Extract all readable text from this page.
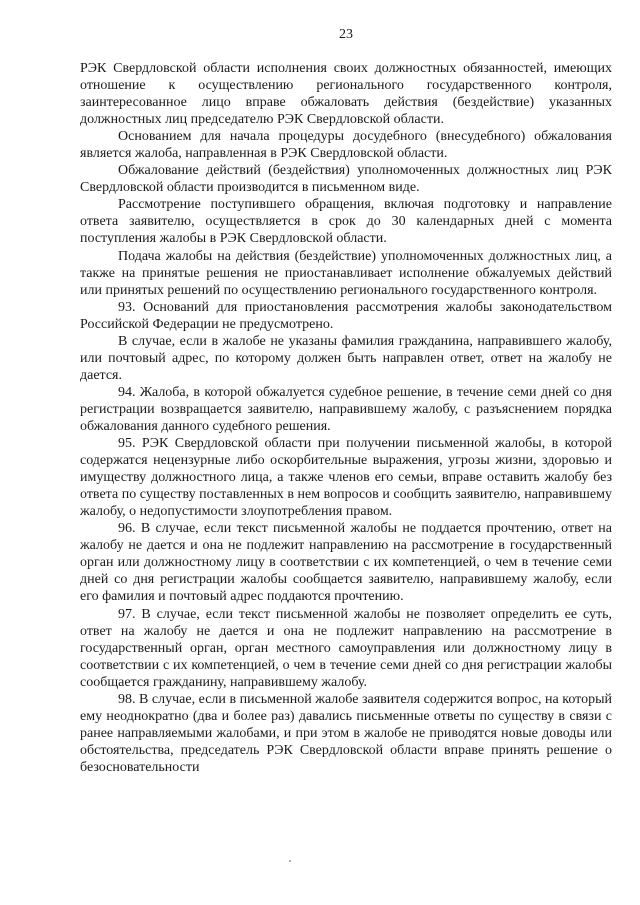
23

РЭК Свердловской области исполнения своих должностных обязанностей, имеющих отношение к осуществлению регионального государственного контроля, заинтересованное лицо вправе обжаловать действия (бездействие) указанных должностных лиц председателю РЭК Свердловской области.

Основанием для начала процедуры досудебного (внесудебного) обжалования является жалоба, направленная в РЭК Свердловской области.

Обжалование действий (бездействия) уполномоченных должностных лиц РЭК Свердловской области производится в письменном виде.

Рассмотрение поступившего обращения, включая подготовку и направление ответа заявителю, осуществляется в срок до 30 календарных дней с момента поступления жалобы в РЭК Свердловской области.

Подача жалобы на действия (бездействие) уполномоченных должностных лиц, а также на принятые решения не приостанавливает исполнение обжалуемых действий или принятых решений по осуществлению регионального государственного контроля.

93. Оснований для приостановления рассмотрения жалобы законодательством Российской Федерации не предусмотрено.

В случае, если в жалобе не указаны фамилия гражданина, направившего жалобу, или почтовый адрес, по которому должен быть направлен ответ, ответ на жалобу не дается.

94. Жалоба, в которой обжалуется судебное решение, в течение семи дней со дня регистрации возвращается заявителю, направившему жалобу, с разъяснением порядка обжалования данного судебного решения.

95. РЭК Свердловской области при получении письменной жалобы, в которой содержатся нецензурные либо оскорбительные выражения, угрозы жизни, здоровью и имуществу должностного лица, а также членов его семьи, вправе оставить жалобу без ответа по существу поставленных в нем вопросов и сообщить заявителю, направившему жалобу, о недопустимости злоупотребления правом.

96. В случае, если текст письменной жалобы не поддается прочтению, ответ на жалобу не дается и она не подлежит направлению на рассмотрение в государственный орган или должностному лицу в соответствии с их компетенцией, о чем в течение семи дней со дня регистрации жалобы сообщается заявителю, направившему жалобу, если его фамилия и почтовый адрес поддаются прочтению.

97. В случае, если текст письменной жалобы не позволяет определить ее суть, ответ на жалобу не дается и она не подлежит направлению на рассмотрение в государственный орган, орган местного самоуправления или должностному лицу в соответствии с их компетенцией, о чем в течение семи дней со дня регистрации жалобы сообщается гражданину, направившему жалобу.

98. В случае, если в письменной жалобе заявителя содержится вопрос, на который ему неоднократно (два и более раз) давались письменные ответы по существу в связи с ранее направляемыми жалобами, и при этом в жалобе не приводятся новые доводы или обстоятельства, председатель РЭК Свердловской области вправе принять решение о безосновательности
